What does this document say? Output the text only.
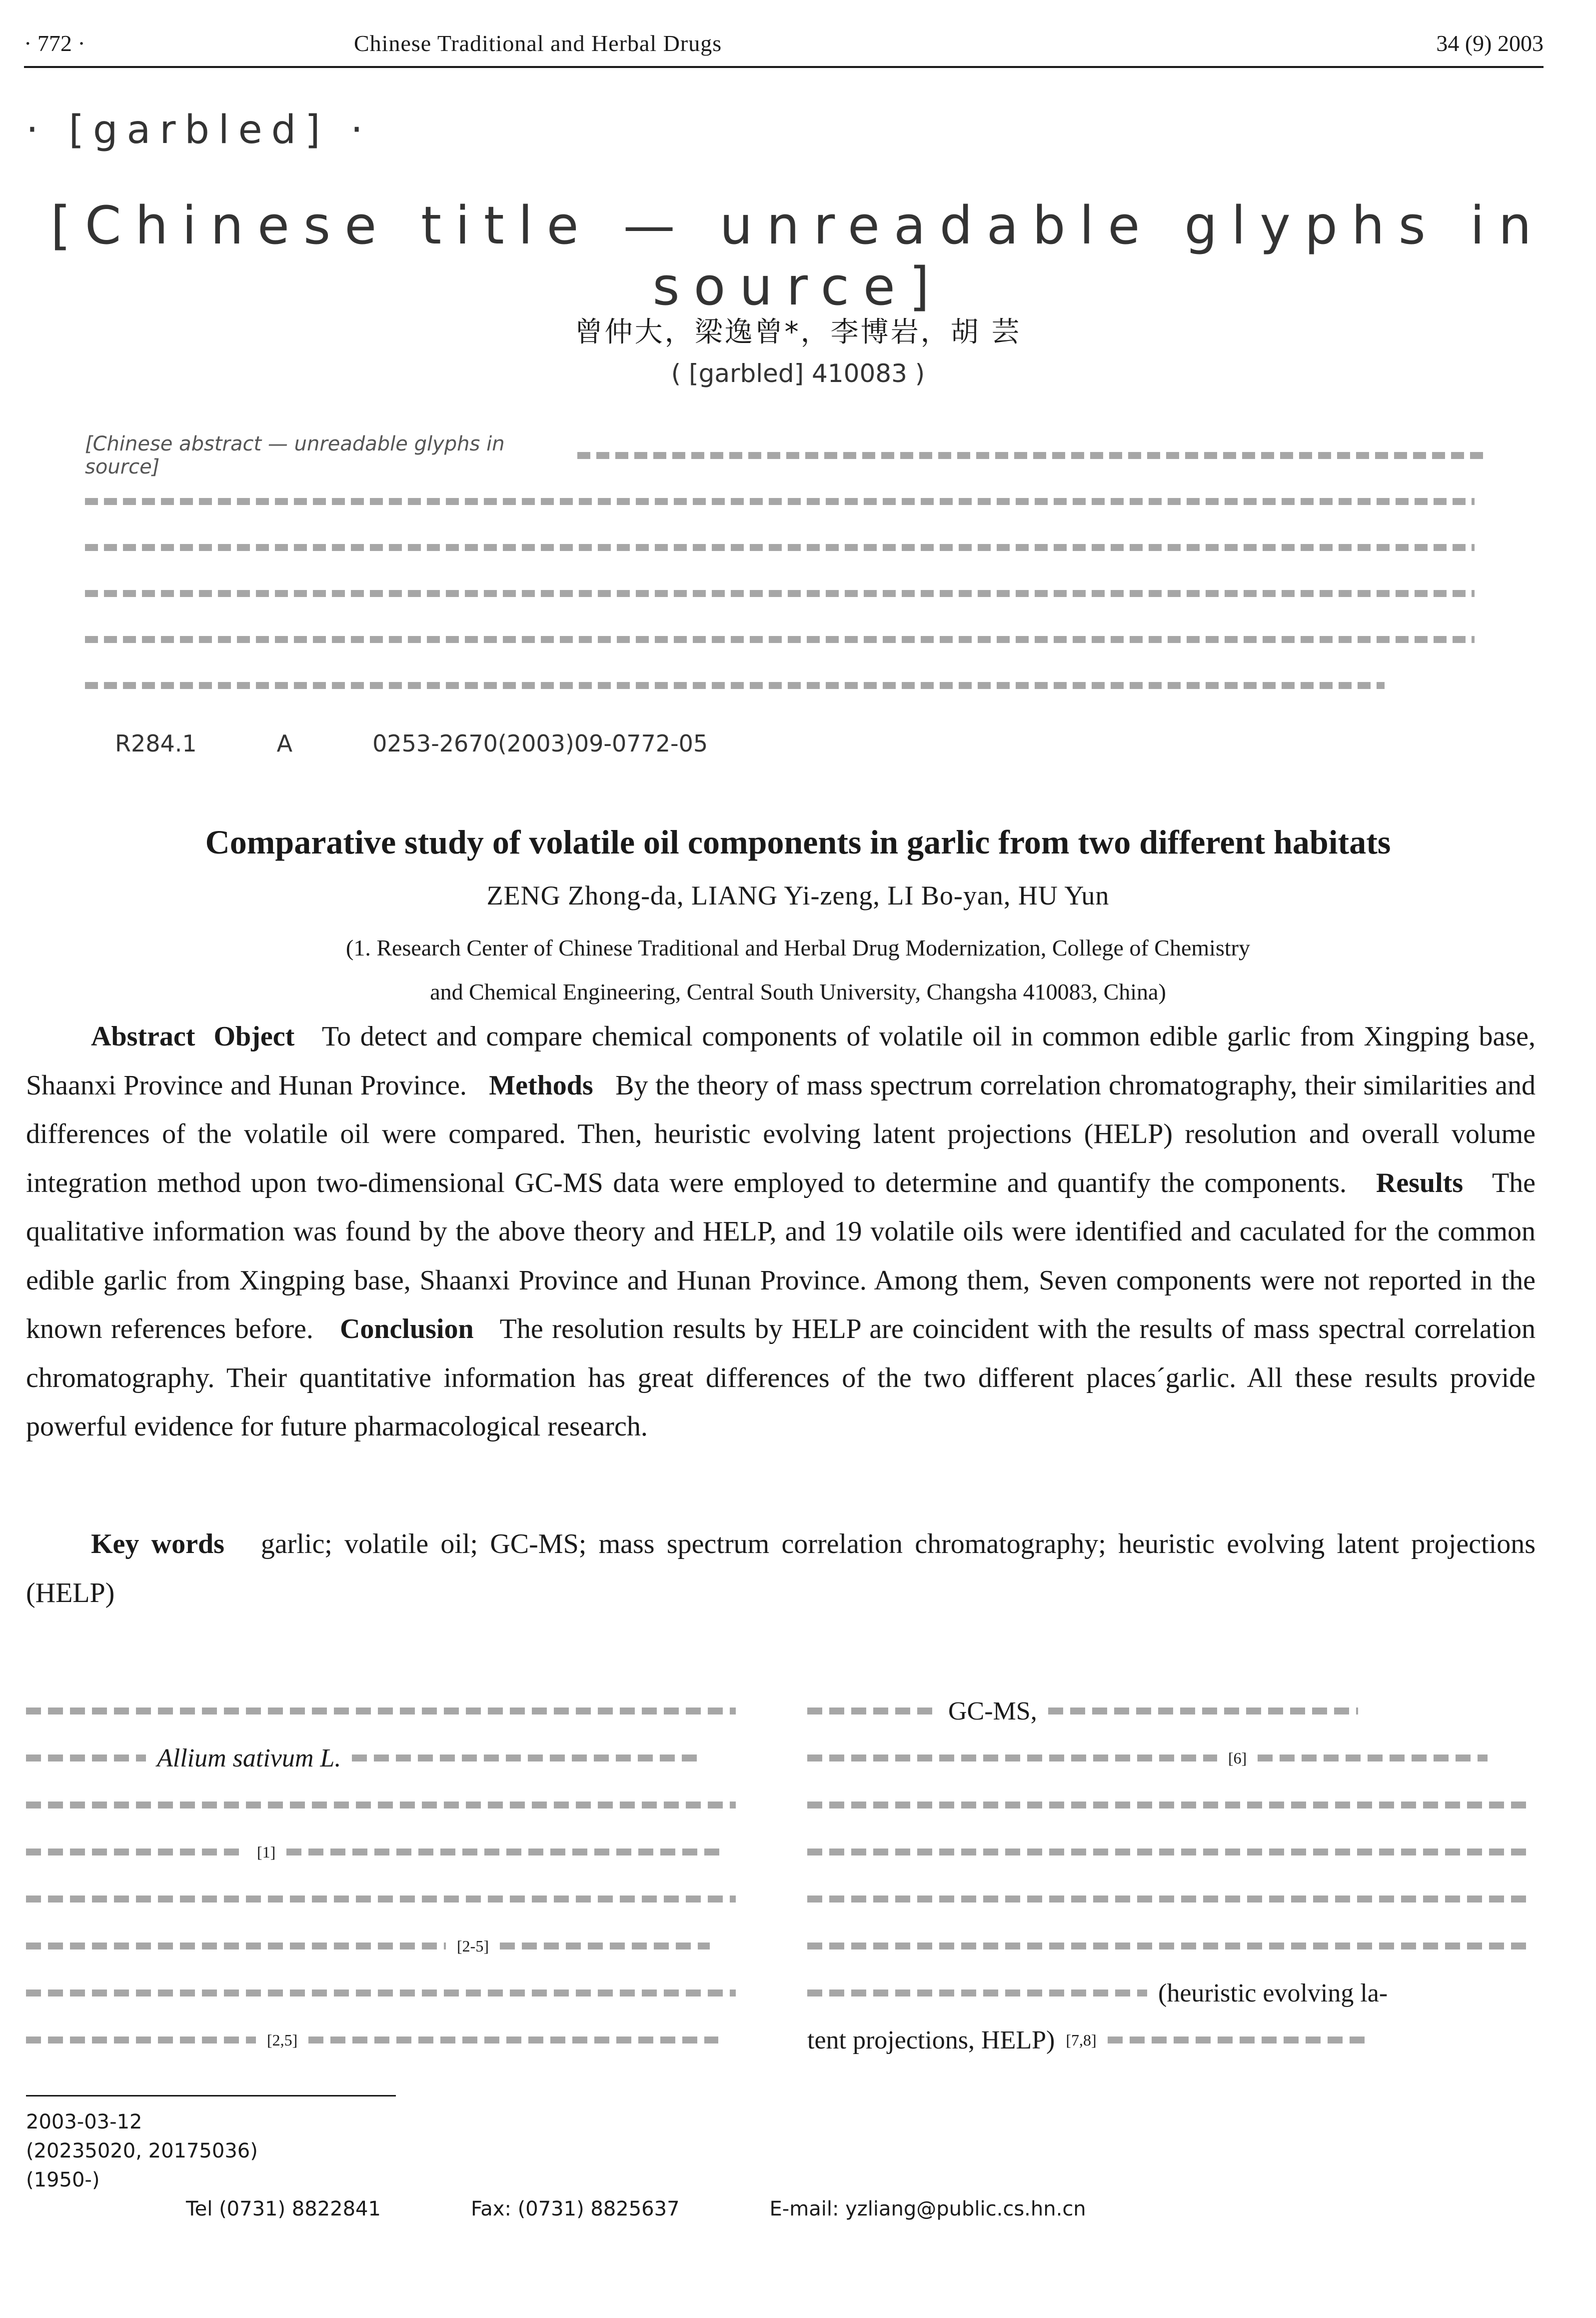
· 772 ·	Chinese Traditional and Herbal Drugs	34 (9) 2003
· [garbled] ·
[Chinese title — unreadable glyphs in source]
曾仲大，梁逸曾*，李博岩，胡 芸
( [garbled] 410083 )
[Chinese abstract — unreadable glyphs in source]
R284.1	A	0253-2670(2003)09-0772-05
Comparative study of volatile oil components in garlic from two different habitats
ZENG Zhong-da, LIANG Yi-zeng, LI Bo-yan, HU Yun
(1. Research Center of Chinese Traditional and Herbal Drug Modernization, College of Chemistry
and Chemical Engineering, Central South University, Changsha 410083, China)
Abstract Object To detect and compare chemical components of volatile oil in common edible garlic from Xingping base, Shaanxi Province and Hunan Province. Methods By the theory of mass spectrum correlation chromatography, their similarities and differences of the volatile oil were compared. Then, heuristic evolving latent projections (HELP) resolution and overall volume integration method upon two-dimensional GC-MS data were employed to determine and quantify the components. Results The qualitative information was found by the above theory and HELP, and 19 volatile oils were identified and caculated for the common edible garlic from Xingping base, Shaanxi Province and Hunan Province. Among them, Seven components were not reported in the known references before. Conclusion The resolution results by HELP are coincident with the results of mass spectral correlation chromatography. Their quantitative information has great differences of the two different places´garlic. All these results provide powerful evidence for future pharmacological research.
Key words garlic; volatile oil; GC-MS; mass spectrum correlation chromatography; heuristic evolving latent projections (HELP)
Allium sativum L.
[1]
[2-5]
[2,5]
GC-MS,
[6]
(heuristic evolving la-
tent projections, HELP) [7,8]
2003-03-12
(20235020, 20175036)
(1950-)
Tel (0731) 8822841	Fax: (0731) 8825637	E-mail: yzliang@public.cs.hn.cn
